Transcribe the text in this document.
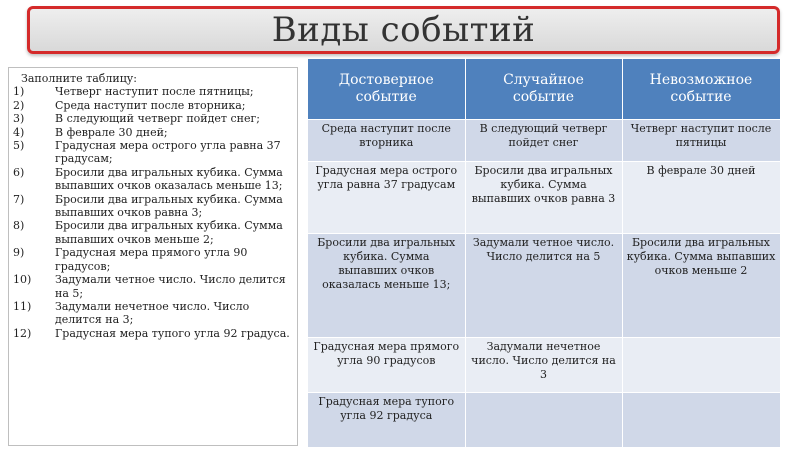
Виды событий
Заполните таблицу:
1)	Четверг наступит после пятницы;
2)	Среда наступит после вторника;
3)	В следующий четверг пойдет снег;
4)	В феврале 30 дней;
5)	Градусная мера острого угла равна 37 градусам;
6)	Бросили два игральных кубика. Сумма выпавших очков оказалась меньше 13;
7)	Бросили два игральных кубика. Сумма выпавших очков равна 3;
8)	Бросили два игральных кубика. Сумма выпавших очков меньше 2;
9)	Градусная мера прямого угла 90 градусов;
10)	Задумали четное число. Число делится на 5;
11)	Задумали нечетное число. Число делится на 3;
12)	Градусная мера тупого угла 92 градуса.
Достоверное событие	Случайное событие	Невозможное событие
Среда наступит после вторника	В следующий четверг пойдет снег	Четверг наступит после пятницы
Градусная мера острого угла равна 37 градусам	Бросили два игральных кубика. Сумма выпавших очков равна 3	В феврале 30 дней
Бросили два игральных кубика. Сумма выпавших очков оказалась меньше 13;	Задумали четное число. Число делится на 5	Бросили два игральных кубика. Сумма выпавших очков меньше 2
Градусная мера прямого угла 90 градусов	Задумали нечетное число. Число делится на 3	
Градусная мера тупого угла 92 градуса		
